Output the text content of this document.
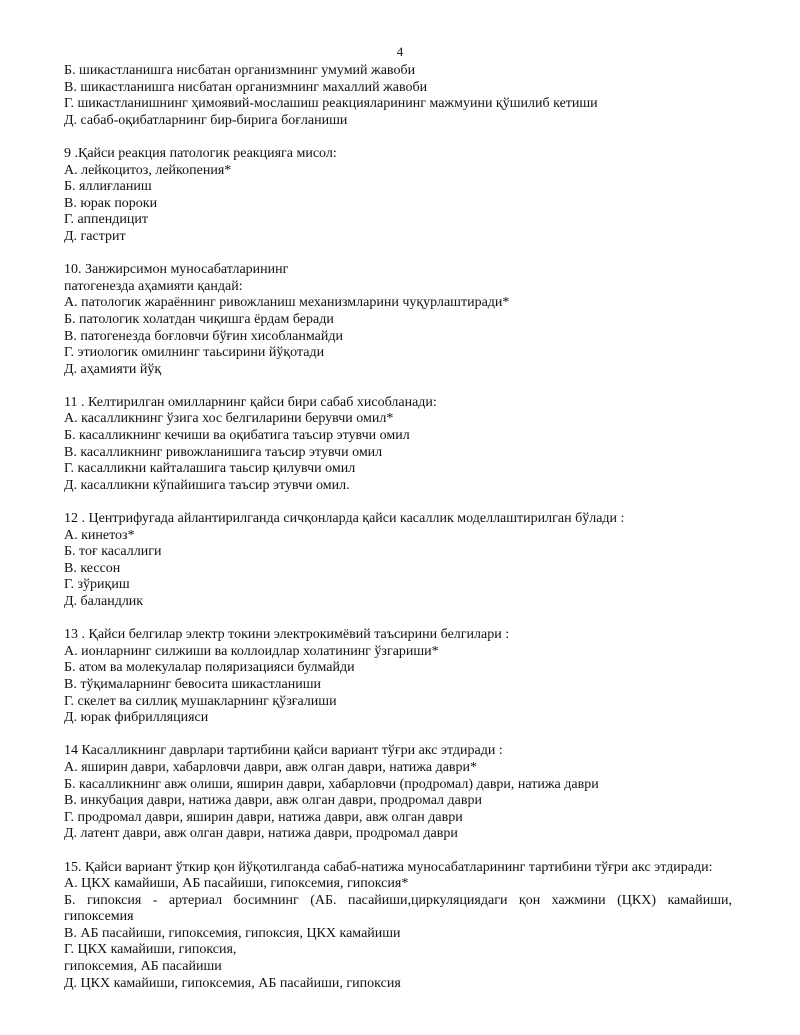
4
Б. шикастланишга нисбатан организмнинг умумий жавоби
В. шикастланишга нисбатан организмнинг махаллий жавоби
Г. шикастланишнинг ҳимоявий-мослашиш реакцияларининг мажмуини қўшилиб кетиши
Д. сабаб-оқибатларнинг бир-бирига боғланиши
9 .Қайси реакция патологик реакцияга мисол:
А. лейкоцитоз, лейкопения*
Б. яллиғланиш
В. юрак пороки
Г. аппендицит
Д. гастрит
10. Занжирсимон муносабатларининг
патогенезда аҳамияти қандай:
А. патологик жараённинг ривожланиш механизмларини чуқурлаштиради*
Б. патологик холатдан чиқишга ёрдам беради
В. патогенезда боғловчи бўғин хисобланмайди
Г. этиологик омилнинг таьсирини йўқотади
Д. аҳамияти йўқ
11 . Келтирилган омилларнинг қайси бири сабаб хисобланади:
А. касалликнинг ўзига хос белгиларини берувчи омил*
Б. касалликнинг кечиши ва оқибатига таъсир этувчи омил
В. касалликнинг ривожланишига таъсир этувчи омил
Г. касалликни кайталашига таьсир қилувчи омил
Д. касалликни кўпайишига таъсир этувчи омил.
12 . Центрифугада айлантирилганда сичқонларда қайси касаллик моделлаштирилган бўлади :
А. кинетоз*
Б. тоғ касаллиги
В. кессон
Г. зўриқиш
Д. баландлик
13 . Қайси белгилар электр токини электрокимёвий таъсирини белгилари :
А. ионларнинг силжиши ва коллоидлар холатининг ўзгариши*
Б. атом ва молекулалар поляризацияси булмайди
В. тўқималарнинг бевосита шикастланиши
Г. скелет ва силлиқ мушакларнинг қўзғалиши
Д. юрак фибрилляцияси
14 Касалликнинг даврлари тартибини қайси вариант тўғри акс этдиради :
А. яширин даври, хабарловчи даври, авж олган даври, натижа даври*
Б. касалликнинг авж олиши, яширин даври, хабарловчи (продромал) даври, натижа даври
В. инкубация даври, натижа даври, авж олган даври, продромал даври
Г. продромал даври, яширин даври, натижа даври, авж олган даври
Д. латент даври, авж олган даври, натижа даври, продромал даври
15. Қайси вариант ўткир қон йўқотилганда сабаб-натижа муносабатларининг тартибини тўғри акс этдиради:
А. ЦКХ камайиши, АБ пасайиши, гипоксемия, гипоксия*
Б. гипоксия - артериал босимнинг (АБ. пасайиши,циркуляциядаги қон хажмини (ЦКХ) камайиши,
гипоксемия
В. АБ пасайиши, гипоксемия, гипоксия, ЦКХ камайиши
Г. ЦКХ камайиши, гипоксия,
гипоксемия, АБ пасайиши
Д. ЦКХ камайиши, гипоксемия, АБ пасайиши, гипоксия
